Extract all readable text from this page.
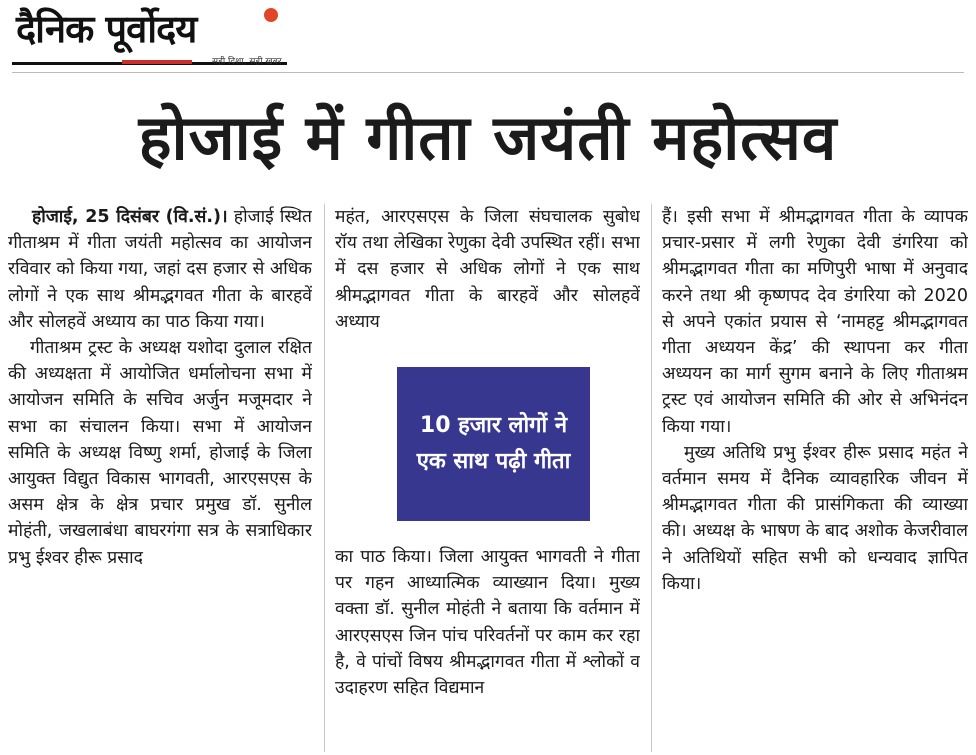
दैनिक पूर्वोदय
सही दिशा, सही खबर
होजाई में गीता जयंती महोत्सव

होजाई, 25 दिसंबर (वि.सं.)। होजाई स्थित गीताश्रम में गीता जयंती महोत्सव का आयोजन रविवार को किया गया, जहां दस हजार से अधिक लोगों ने एक साथ श्रीमद्भगवत गीता के बारहवें और सोलहवें अध्याय का पाठ किया गया।

गीताश्रम ट्रस्ट के अध्यक्ष यशोदा दुलाल रक्षित की अध्यक्षता में आयोजित धर्मालोचना सभा में आयोजन समिति के सचिव अर्जुन मजूमदार ने सभा का संचालन किया। सभा में आयोजन समिति के अध्यक्ष विष्णु शर्मा, होजाई के जिला आयुक्त विद्युत विकास भागवती, आरएसएस के असम क्षेत्र के क्षेत्र प्रचार प्रमुख डॉ. सुनील मोहंती, जखलाबंधा बाघरगंगा सत्र के सत्राधिकार प्रभु ईश्वर हीरू प्रसाद

महंत, आरएसएस के जिला संघचालक सुबोध रॉय तथा लेखिका रेणुका देवी उपस्थित रहीं। सभा में दस हजार से अधिक लोगों ने एक साथ श्रीमद्भागवत गीता के बारहवें और सोलहवें अध्याय

10 हजार लोगों ने एक साथ पढ़ी गीता

का पाठ किया। जिला आयुक्त भागवती ने गीता पर गहन आध्यात्मिक व्याख्यान दिया। मुख्य वक्ता डॉ. सुनील मोहंती ने बताया कि वर्तमान में आरएसएस जिन पांच परिवर्तनों पर काम कर रहा है, वे पांचों विषय श्रीमद्भागवत गीता में श्लोकों व उदाहरण सहित विद्यमान

हैं। इसी सभा में श्रीमद्भागवत गीता के व्यापक प्रचार-प्रसार में लगी रेणुका देवी डंगरिया को श्रीमद्भागवत गीता का मणिपुरी भाषा में अनुवाद करने तथा श्री कृष्णपद देव डंगरिया को 2020 से अपने एकांत प्रयास से ‘नामहट्ट श्रीमद्भागवत गीता अध्ययन केंद्र’ की स्थापना कर गीता अध्ययन का मार्ग सुगम बनाने के लिए गीताश्रम ट्रस्ट एवं आयोजन समिति की ओर से अभिनंदन किया गया।

मुख्य अतिथि प्रभु ईश्वर हीरू प्रसाद महंत ने वर्तमान समय में दैनिक व्यावहारिक जीवन में श्रीमद्भागवत गीता की प्रासंगिकता की व्याख्या की। अध्यक्ष के भाषण के बाद अशोक केजरीवाल ने अतिथियों सहित सभी को धन्यवाद ज्ञापित किया।
